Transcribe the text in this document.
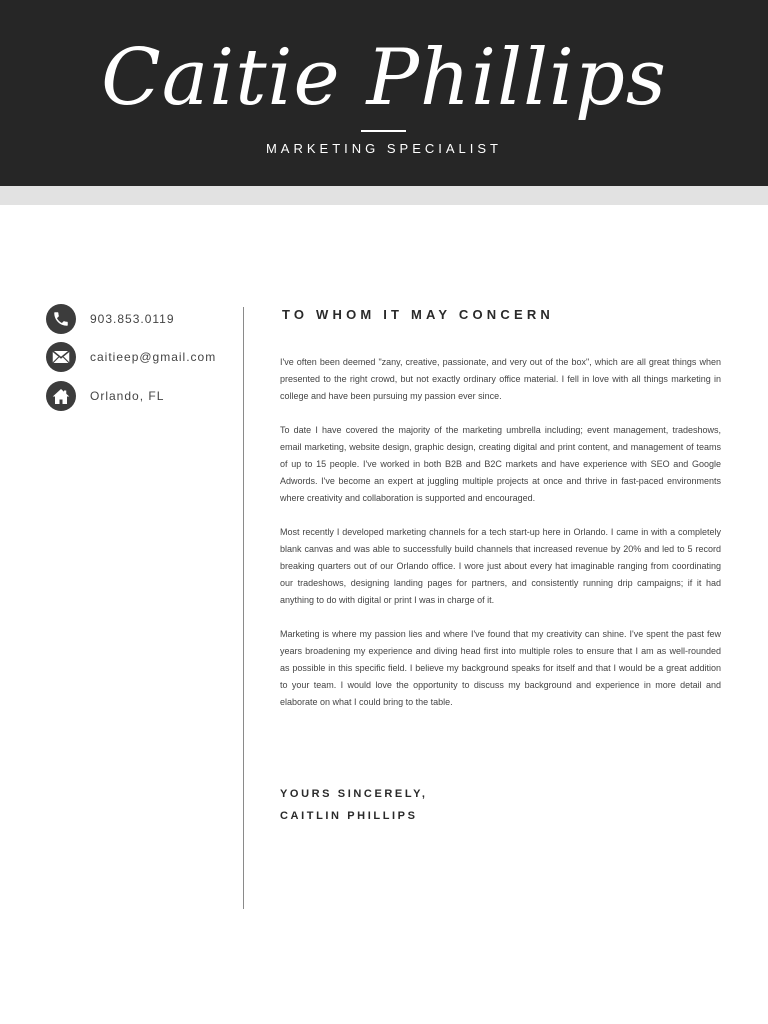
Caitie Phillips
MARKETING SPECIALIST
903.853.0119
caitieep@gmail.com
Orlando, FL
TO WHOM IT MAY CONCERN

I've often been deemed "zany, creative, passionate, and very out of the box", which are all great things when presented to the right crowd, but not exactly ordinary office material. I fell in love with all things marketing in college and have been pursuing my passion ever since.

To date I have covered the majority of the marketing umbrella including; event management, tradeshows, email marketing, website design, graphic design, creating digital and print content, and management of teams of up to 15 people. I've worked in both B2B and B2C markets and have experience with SEO and Google Adwords. I've become an expert at juggling multiple projects at once and thrive in fast-paced environments where creativity and collaboration is supported and encouraged.

Most recently I developed marketing channels for a tech start-up here in Orlando. I came in with a completely blank canvas and was able to successfully build channels that increased revenue by 20% and led to 5 record breaking quarters out of our Orlando office. I wore just about every hat imaginable ranging from coordinating our tradeshows, designing landing pages for partners, and consistently running drip campaigns; if it had anything to do with digital or print I was in charge of it.

Marketing is where my passion lies and where I've found that my creativity can shine. I've spent the past few years broadening my experience and diving head first into multiple roles to ensure that I am as well-rounded as possible in this specific field. I believe my background speaks for itself and that I would be a great addition to your team. I would love the opportunity to discuss my background and experience in more detail and elaborate on what I could bring to the table.

YOURS SINCERELY,
CAITLIN PHILLIPS
